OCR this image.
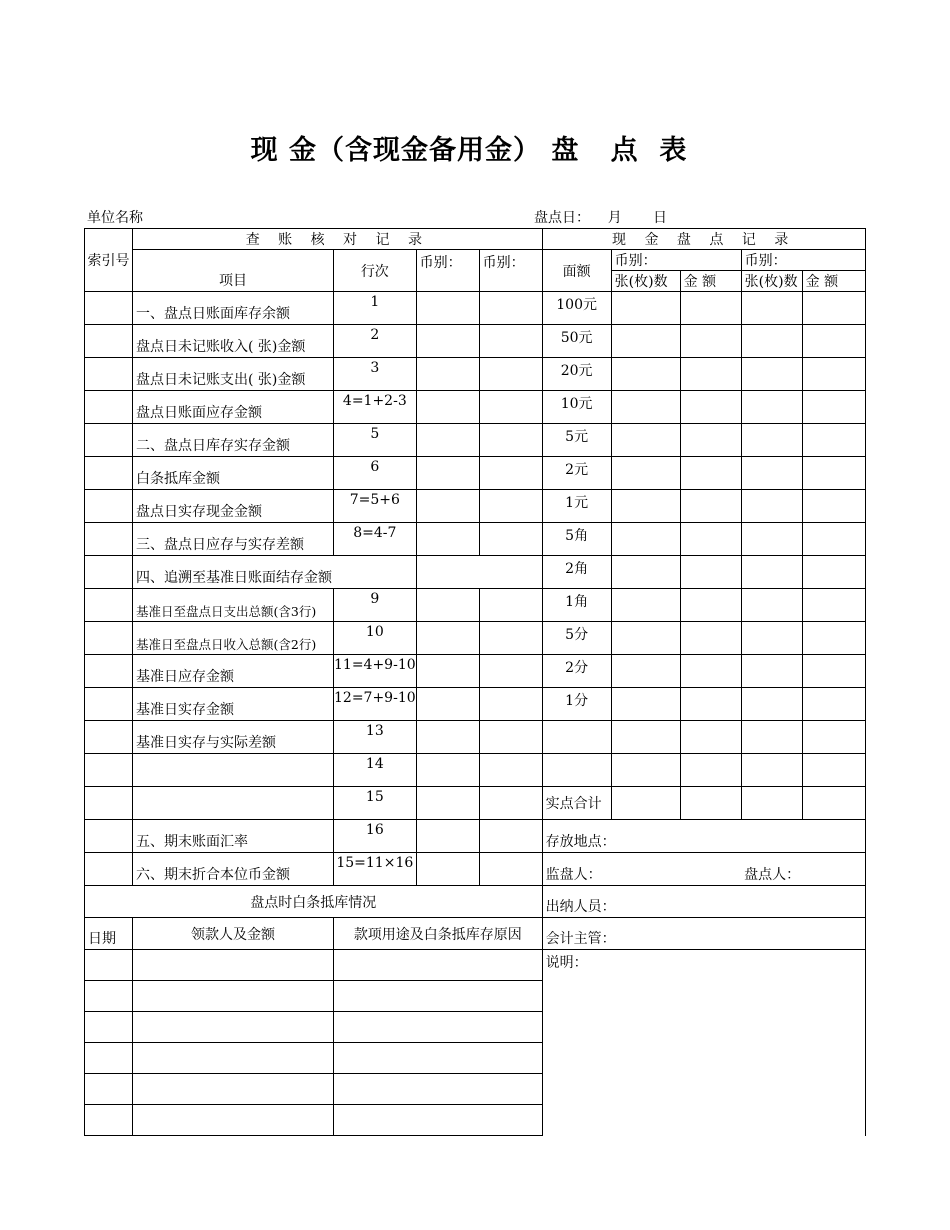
现 金（含现金备用金） 盘   点  表
单位名称	盘点日：    月       日
索引号	查 账 核 对 记 录				现 金 盘 点 记 录				
	项目	行次	币别：	币别：	面额	币别：		币别：	
						张(枚)数	金 额	张(枚)数	金 额
	一、盘点日账面库存余额	1			100元				
	盘点日未记账收入( 张)金额	2			50元				
	盘点日未记账支出( 张)金额	3			20元				
	盘点日账面应存金额	4=1+2-3			10元				
	二、盘点日库存实存金额	5			5元				
	白条抵库金额	6			2元				
	盘点日实存现金金额	7=5+6			1元				
	三、盘点日应存与实存差额	8=4-7			5角				
	四、追溯至基准日账面结存金额				2角				
	基准日至盘点日支出总额(含3行)	9			1角				
	基准日至盘点日收入总额(含2行)	10			5分				
	基准日应存金额	11=4+9-10			2分				
	基准日实存金额	12=7+9-10			1分				
	基准日实存与实际差额	13							
		14							
		15			实点合计				
	五、期末账面汇率	16			存放地点：				
	六、期末折合本位币金额	15=11×16			监盘人：			盘点人：	
盘点时白条抵库情况					出纳人员：				
日期	领款人及金额	款项用途及白条抵库存原因			会计主管：				
					说明：				
